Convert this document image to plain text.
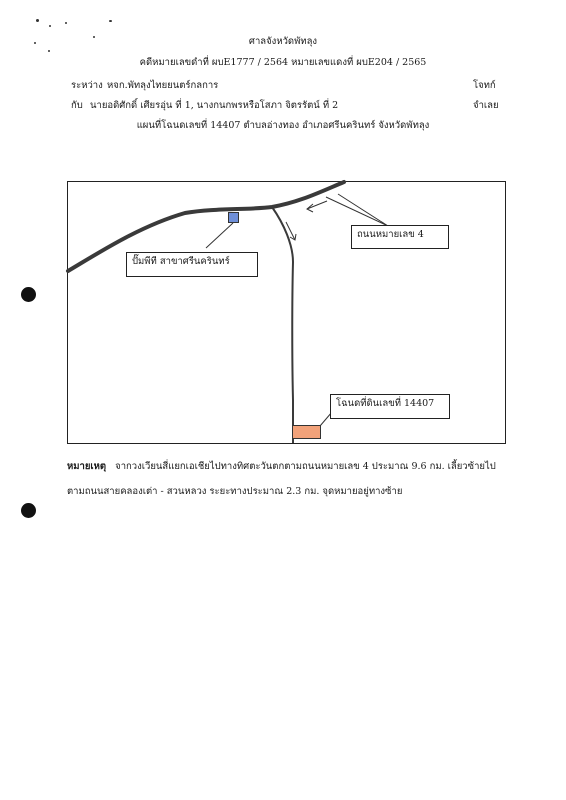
ศาลจังหวัดพัทลุง
คดีหมายเลขดำที่ ผบE1777 / 2564 หมายเลขแดงที่ ผบE204 / 2565
ระหว่าง หจก.พัทลุงไทยยนตร์กลการ	โจทก์
กับ นายอดิศักดิ์ เศียรอุ่น ที่ 1, นางกนกพรหรือโสภา จิตรรัตน์ ที่ 2	จำเลย
แผนที่โฉนดเลขที่ 14407 ตำบลอ่างทอง อำเภอศรีนครินทร์ จังหวัดพัทลุง
ถนนหมายเลข 4
ปั๊มพีที สาขาศรีนครินทร์
โฉนดที่ดินเลขที่ 14407
หมายเหตุ จากวงเวียนสี่แยกเอเชียไปทางทิศตะวันตกตามถนนหมายเลข 4 ประมาณ 9.6 กม. เลี้ยวซ้ายไป
ตามถนนสายคลองเต่า - สวนหลวง ระยะทางประมาณ 2.3 กม. จุดหมายอยู่ทางซ้าย
